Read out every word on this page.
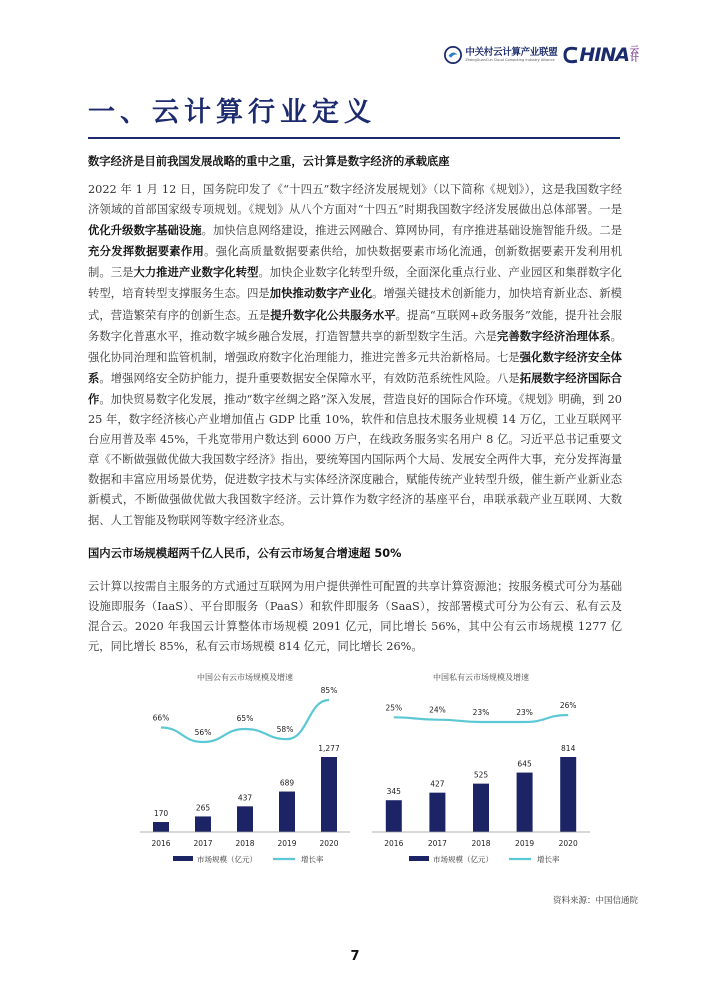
中关村云计算产业联盟
ZhongGuanCun Cloud Computing Industry Alliance HINA 云计
一、云计算行业定义
数字经济是目前我国发展战略的重中之重，云计算是数字经济的承载底座
2022 年 1 月 12 日，国务院印发了《“十四五”数字经济发展规划》（以下简称《规划》），这是我国数字经济领域的首部国家级专项规划。《规划》从八个方面对“十四五”时期我国数字经济发展做出总体部署。一是优化升级数字基础设施。加快信息网络建设，推进云网融合、算网协同，有序推进基础设施智能升级。二是充分发挥数据要素作用。强化高质量数据要素供给，加快数据要素市场化流通，创新数据要素开发利用机制。三是大力推进产业数字化转型。加快企业数字化转型升级，全面深化重点行业、产业园区和集群数字化转型，培育转型支撑服务生态。四是加快推动数字产业化。增强关键技术创新能力，加快培育新业态、新模式，营造繁荣有序的创新生态。五是提升数字化公共服务水平。提高“互联网+政务服务”效能，提升社会服务数字化普惠水平，推动数字城乡融合发展，打造智慧共享的新型数字生活。六是完善数字经济治理体系。强化协同治理和监管机制，增强政府数字化治理能力，推进完善多元共治新格局。七是强化数字经济安全体系。增强网络安全防护能力，提升重要数据安全保障水平，有效防范系统性风险。八是拓展数字经济国际合作。加快贸易数字化发展，推动“数字丝绸之路”深入发展，营造良好的国际合作环境。《规划》明确，到 2025 年，数字经济核心产业增加值占 GDP 比重 10%，软件和信息技术服务业规模 14 万亿，工业互联网平台应用普及率 45%，千兆宽带用户数达到 6000 万户，在线政务服务实名用户 8 亿。习近平总书记重要文章《不断做强做优做大我国数字经济》指出，要统筹国内国际两个大局、发展安全两件大事，充分发挥海量数据和丰富应用场景优势，促进数字技术与实体经济深度融合，赋能传统产业转型升级，催生新产业新业态新模式，不断做强做优做大我国数字经济。云计算作为数字经济的基座平台，串联承载产业互联网、大数据、人工智能及物联网等数字经济业态。
国内云市场规模超两千亿人民币，公有云市场复合增速超 50%
云计算以按需自主服务的方式通过互联网为用户提供弹性可配置的共享计算资源池；按服务模式可分为基础设施即服务（IaaS）、平台即服务（PaaS）和软件即服务（SaaS），按部署模式可分为公有云、私有云及混合云。2020 年我国云计算整体市场规模 2091 亿元，同比增长 56%，其中公有云市场规模 1277 亿元，同比增长 85%，私有云市场规模 814 亿元，同比增长 26%。
中国公有云市场规模及增速
170
2016
265
2017
437
2018
689
2019
1,277
2020
66%
56%
65%
58%
85%
市场规模（亿元）	增长率
中国私有云市场规模及增速
345
2016
427
2017
525
2018
645
2019
814
2020
25%	24%	23%	23%
26%
市场规模（亿元）	增长率
资料来源：中国信通院
7
